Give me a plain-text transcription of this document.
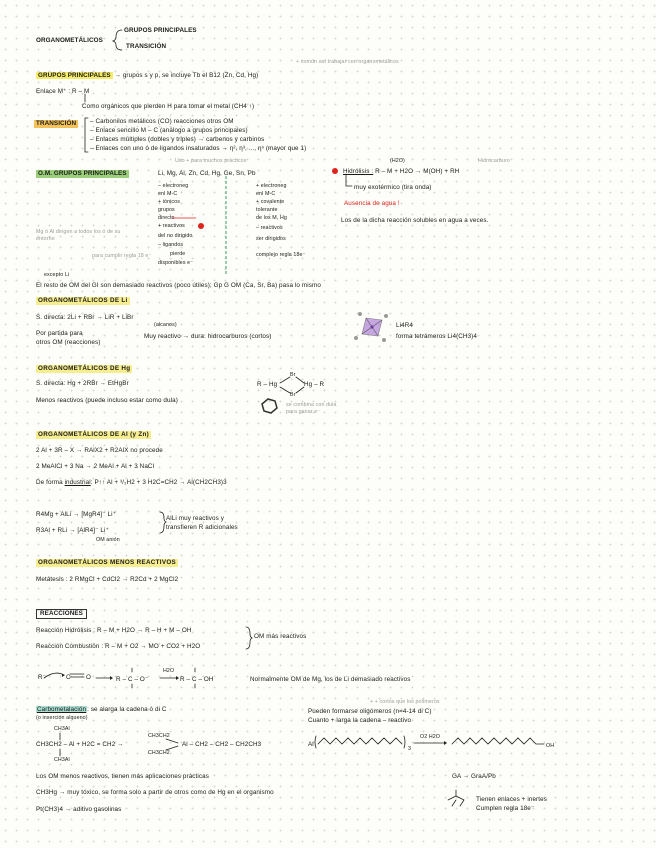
ORGANOMETÁLICOS
GRUPOS PRINCIPALES
TRANSICIÓN
+ común así trabajar con organometálicos
GRUPOS PRINCIPALES → grupos s y p, se incluye Tb el B12 (Zn, Cd, Hg)
Enlace M⁺ : R – M
Como orgánicos que pierden H para tomar el metal (CH4 ↑)
TRANSICIÓN	– Carbonilos metálicos (CO) reacciones otros OM
– Enlace sencillo M – C (análogo a grupos principales)
– Enlaces múltiples (dobles y triples) → carbenos y carbinos
– Enlaces con uno ó de ligandos insaturados → η², η³, ..., ηⁿ (mayor que 1)
Uso + para muchos prácticos
O.M. GRUPOS PRINCIPALES	Li, Mg, Al, Zn, Cd, Hg, Ge, Sn, Pb
– electroneg
enl M-C
+ iónicos
grupos
directo
+ reactivos
del no dirigido
– ligandos
pierde
disponibles e⁻
+ electroneg
enl M-C
+ covalente
tolerante
de los M, Hg
– reactivos
ser dirigidos
complejo regla 18e⁻
Mg ó Al dirigen a todos los ó de su entorno
para cumplir regla 18 e⁻
(H2O)	Hidrocarburo
Hidrólisis : R – M + H2O → M(OH) + RH
muy exotérmico (tira onda)
Ausencia de agua !
Los de la dicha reacción solubles en agua a veces.
excepto Li
El resto de OM del GI son demasiado reactivos (poco útiles); Gp G OM (Ca, Sr, Ba) pasa lo mismo
ORGANOMETÁLICOS DE Li
S. directa: 2Li + RBr → LiR + LiBr
(alcanos)
Por partida para
otros OM (reacciones)
Muy reactivo → dura: hidrocarburos (cortos)
Li4R4
forma tetrámeros Li4(CH3)4
ORGANOMETÁLICOS DE Hg
S. directa: Hg + 2RBr → EtHgBr
Menos reactivos (puede incluso estar como dula)
R – Hg
Br
Br
Hg – R
se combina con dula
para ganar e⁻
ORGANOMETÁLICOS DE Al (y Zn)
2 Al + 3R – X → RAlX2 + R2AlX no procede
2 MeAlCl + 3 Na → 2 MeAl + Al + 3 NaCl
De forma industrial: P↑↑ Al + ³/₂H2 + 3 H2C=CH2 → Al(CH2CH3)3
R4Mg + AlLi → [MgR4]⁻ Li⁺
R3Al + RLi → [AlR4]⁻ Li⁺
OM anión
AlLi muy reactivos y
transfieren R adicionales
ORGANOMETÁLICOS MENOS REACTIVOS
Metátesis : 2 RMgCl + CdCl2 → R2Cd + 2 MgCl2
REACCIONES
Reacción Hidrólisis : R – M + H2O → R – H + M – OH
Reacción Combustión : R – M + O2 → MO + CO2 + H2O
OM más reactivos
R⁻	C O	R – C – O⁻
H2O
R – C – OH	Normalmente OM de Mg, los de Li demasiado reactivos
Carbometalación: se alarga la cadena ó di C
(o inserción alqueno)
CH3Al
CH3CH2 – Al + H2C = CH2 →
CH3Al
CH3CH2
CH3CH2
Al – CH2 – CH2 – CH2CH3
+ + cortos que los polímeros
Pueden formarse oligómeros (n=4-14 di C)
Cuanto + larga la cadena – reactivo
Al
3
O2 H2O
OH
Los OM menos reactivos, tienen más aplicaciones prácticas
CH3Hg → muy tóxico, se forma solo a partir de otros como de Hg en el organismo
Pt(CH3)4 → aditivo gasolinas
GA → GraA/Pb
Tienen enlaces + inertes
Cumplen regla 18e⁻
